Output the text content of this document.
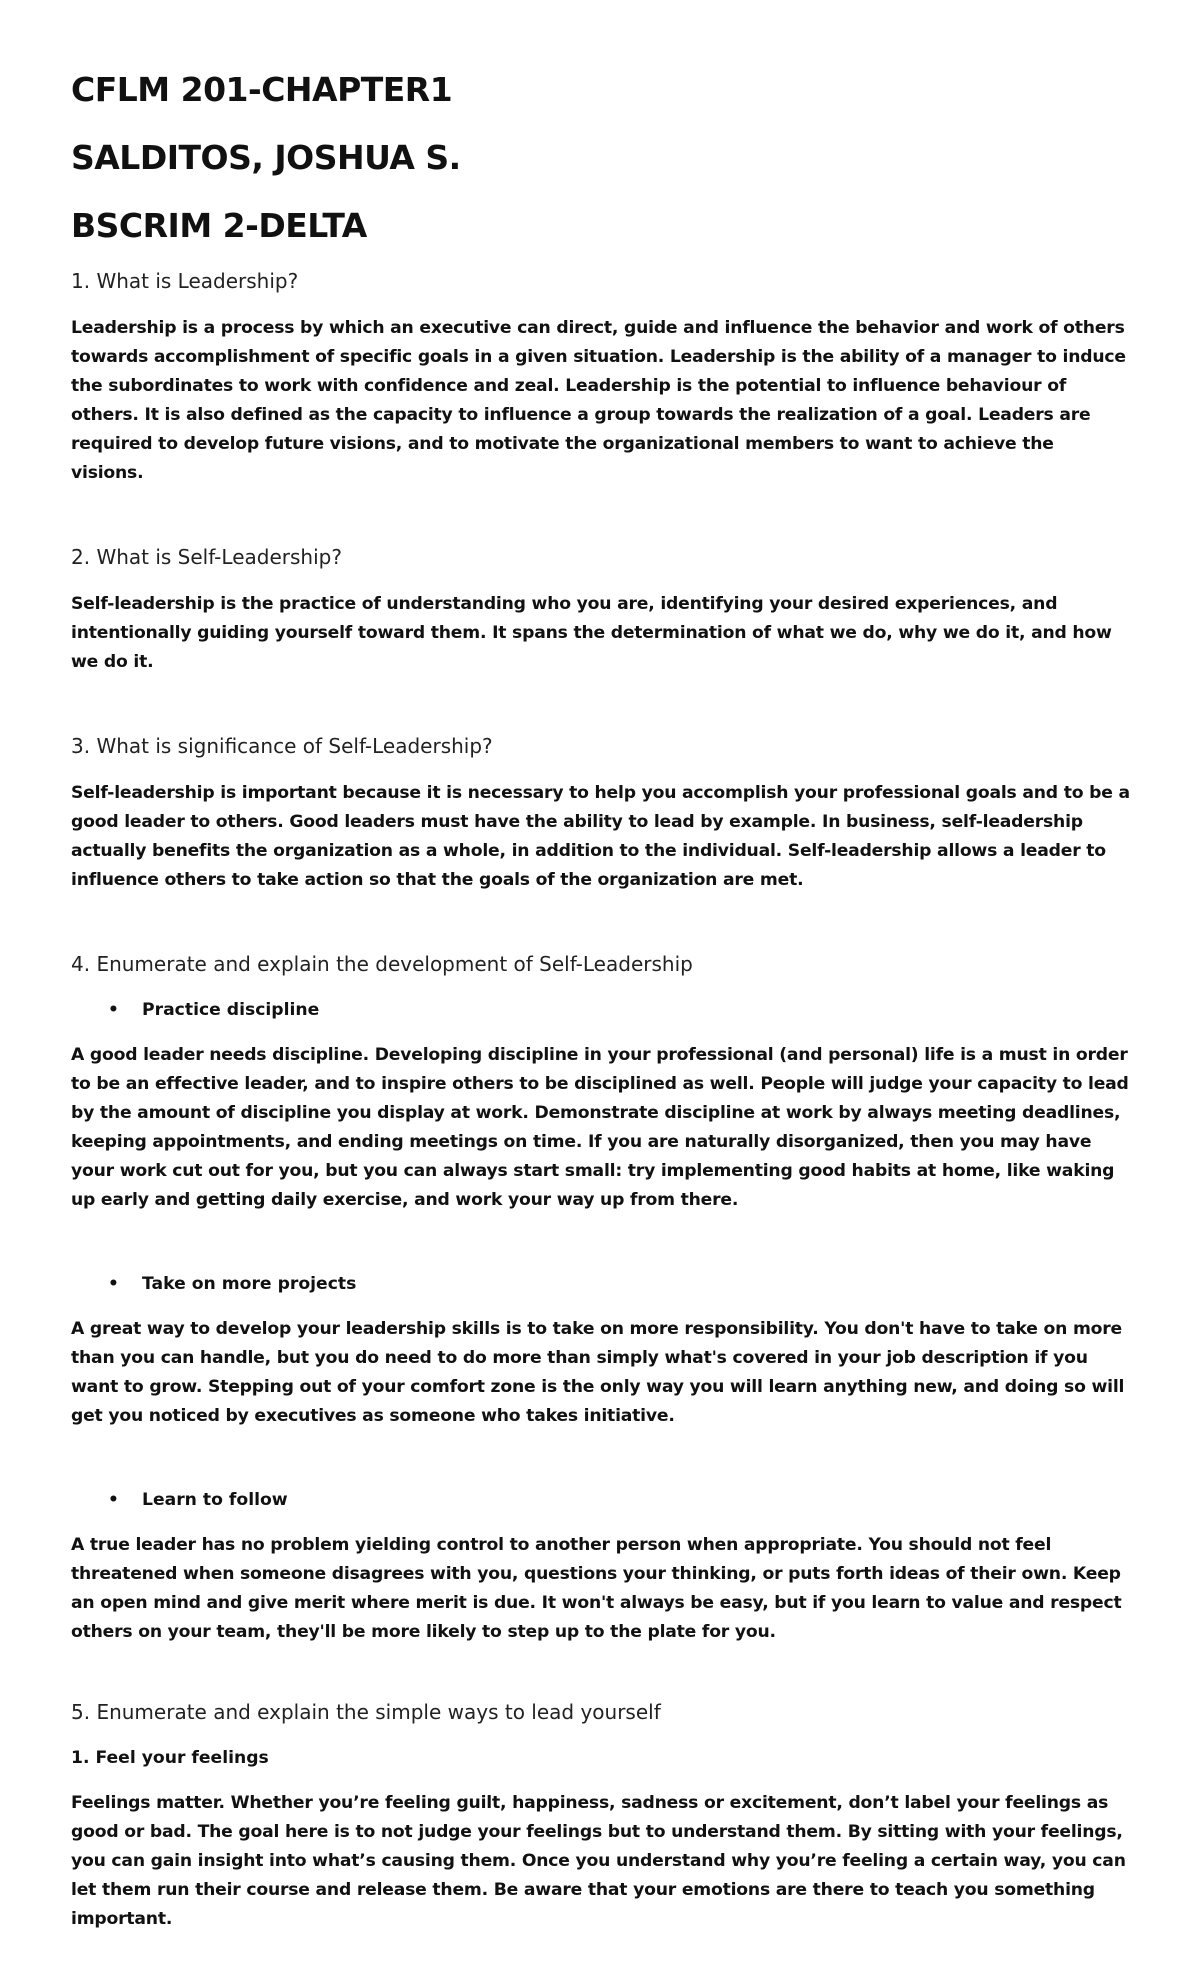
CFLM 201-CHAPTER1
SALDITOS, JOSHUA S.
BSCRIM 2-DELTA
1. What is Leadership?

Leadership is a process by which an executive can direct, guide and influence the behavior and work of others towards accomplishment of specific goals in a given situation. Leadership is the ability of a manager to induce the subordinates to work with confidence and zeal. Leadership is the potential to influence behaviour of others. It is also defined as the capacity to influence a group towards the realization of a goal. Leaders are required to develop future visions, and to motivate the organizational members to want to achieve the visions.

2. What is Self-Leadership?

Self-leadership is the practice of understanding who you are, identifying your desired experiences, and intentionally guiding yourself toward them. It spans the determination of what we do, why we do it, and how we do it.

3. What is significance of Self-Leadership?

Self-leadership is important because it is necessary to help you accomplish your professional goals and to be a good leader to others. Good leaders must have the ability to lead by example. In business, self-leadership actually benefits the organization as a whole, in addition to the individual. Self-leadership allows a leader to influence others to take action so that the goals of the organization are met.

4. Enumerate and explain the development of Self-Leadership
• Practice discipline

A good leader needs discipline. Developing discipline in your professional (and personal) life is a must in order to be an effective leader, and to inspire others to be disciplined as well. People will judge your capacity to lead by the amount of discipline you display at work. Demonstrate discipline at work by always meeting deadlines, keeping appointments, and ending meetings on time. If you are naturally disorganized, then you may have your work cut out for you, but you can always start small: try implementing good habits at home, like waking up early and getting daily exercise, and work your way up from there.

• Take on more projects

A great way to develop your leadership skills is to take on more responsibility. You don't have to take on more than you can handle, but you do need to do more than simply what's covered in your job description if you want to grow. Stepping out of your comfort zone is the only way you will learn anything new, and doing so will get you noticed by executives as someone who takes initiative.

• Learn to follow

A true leader has no problem yielding control to another person when appropriate. You should not feel threatened when someone disagrees with you, questions your thinking, or puts forth ideas of their own. Keep an open mind and give merit where merit is due. It won't always be easy, but if you learn to value and respect others on your team, they'll be more likely to step up to the plate for you.

5. Enumerate and explain the simple ways to lead yourself
1. Feel your feelings

Feelings matter. Whether you’re feeling guilt, happiness, sadness or excitement, don’t label your feelings as good or bad. The goal here is to not judge your feelings but to understand them. By sitting with your feelings, you can gain insight into what’s causing them. Once you understand why you’re feeling a certain way, you can let them run their course and release them. Be aware that your emotions are there to teach you something important.
